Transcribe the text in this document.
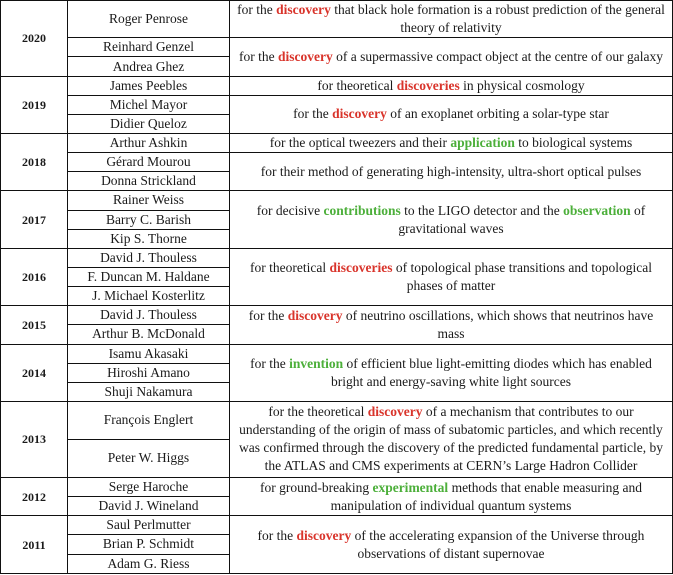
2020	Roger Penrose	for the discovery that black hole formation is a robust prediction of the general theory of relativity
	Reinhard Genzel	for the discovery of a supermassive compact object at the centre of our galaxy
	Andrea Ghez	
2019	James Peebles	for theoretical discoveries in physical cosmology
	Michel Mayor	for the discovery of an exoplanet orbiting a solar-type star
	Didier Queloz	
2018	Arthur Ashkin	for the optical tweezers and their application to biological systems
	Gérard Mourou	for their method of generating high-intensity, ultra-short optical pulses
	Donna Strickland	
2017	Rainer Weiss	for decisive contributions to the LIGO detector and the observation of gravitational waves
	Barry C. Barish	
	Kip S. Thorne	
2016	David J. Thouless	for theoretical discoveries of topological phase transitions and topological phases of matter
	F. Duncan M. Haldane	
	J. Michael Kosterlitz	
2015	David J. Thouless	for the discovery of neutrino oscillations, which shows that neutrinos have mass
	Arthur B. McDonald	
2014	Isamu Akasaki	for the invention of efficient blue light-emitting diodes which has enabled bright and energy-saving white light sources
	Hiroshi Amano	
	Shuji Nakamura	
2013	François Englert	for the theoretical discovery of a mechanism that contributes to our understanding of the origin of mass of subatomic particles, and which recently was confirmed through the discovery of the predicted fundamental particle, by the ATLAS and CMS experiments at CERN’s Large Hadron Collider
	Peter W. Higgs	
2012	Serge Haroche	for ground-breaking experimental methods that enable measuring and manipulation of individual quantum systems
	David J. Wineland	
2011	Saul Perlmutter	for the discovery of the accelerating expansion of the Universe through observations of distant supernovae
	Brian P. Schmidt	
	Adam G. Riess	
